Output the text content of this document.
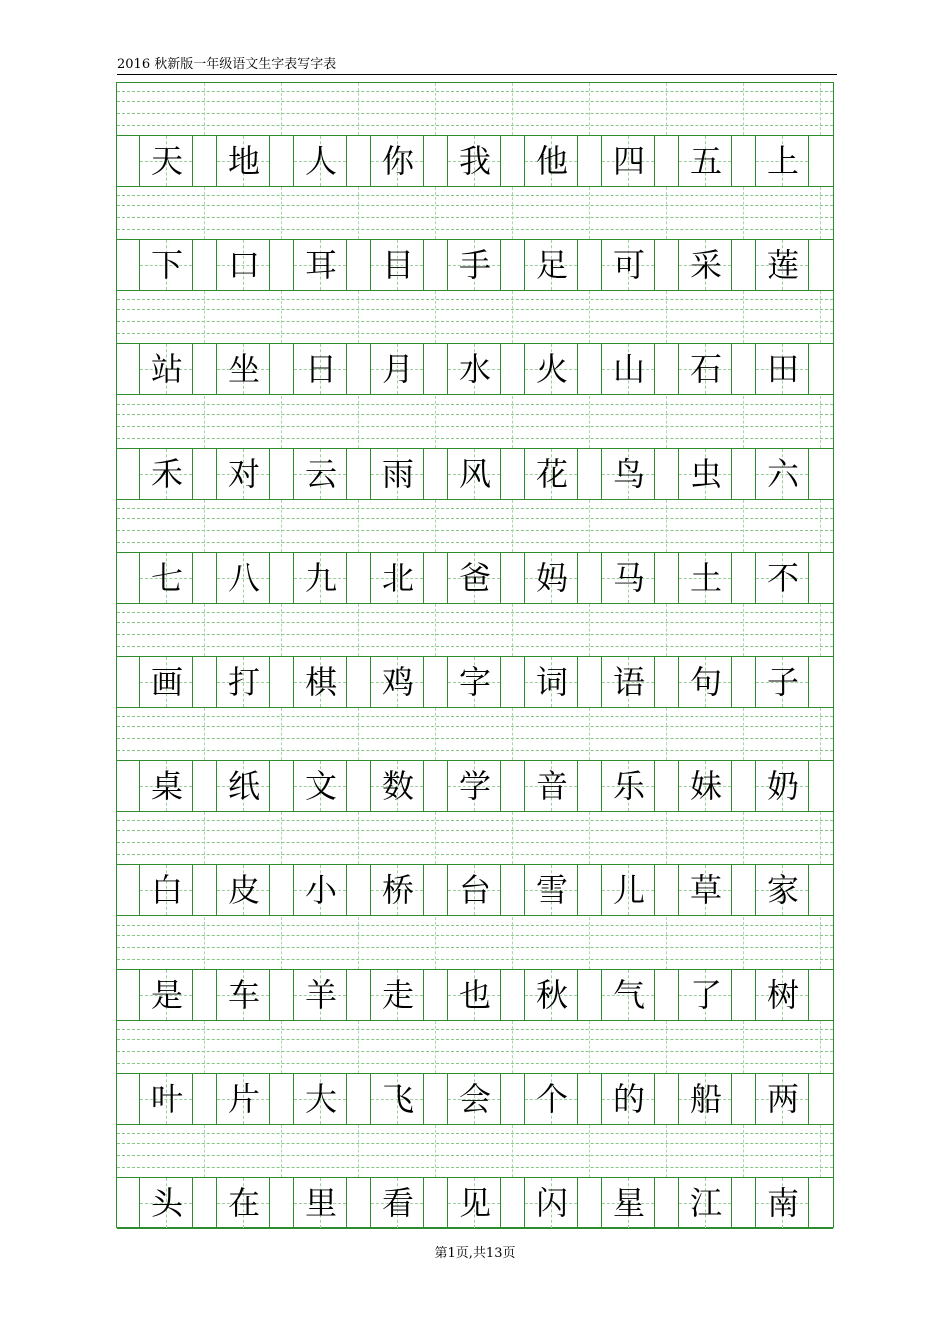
2016 秋新版一年级语文生字表写字表
天	地	人	你	我	他	四	五	上
下	口	耳	目	手	足	可	采	莲
站	坐	日	月	水	火	山	石	田
禾	对	云	雨	风	花	鸟	虫	六
七	八	九	北	爸	妈	马	土	不
画	打	棋	鸡	字	词	语	句	子
桌	纸	文	数	学	音	乐	妹	奶
白	皮	小	桥	台	雪	儿	草	家
是	车	羊	走	也	秋	气	了	树
叶	片	大	飞	会	个	的	船	两
头	在	里	看	见	闪	星	江	南
第1页,共13页
